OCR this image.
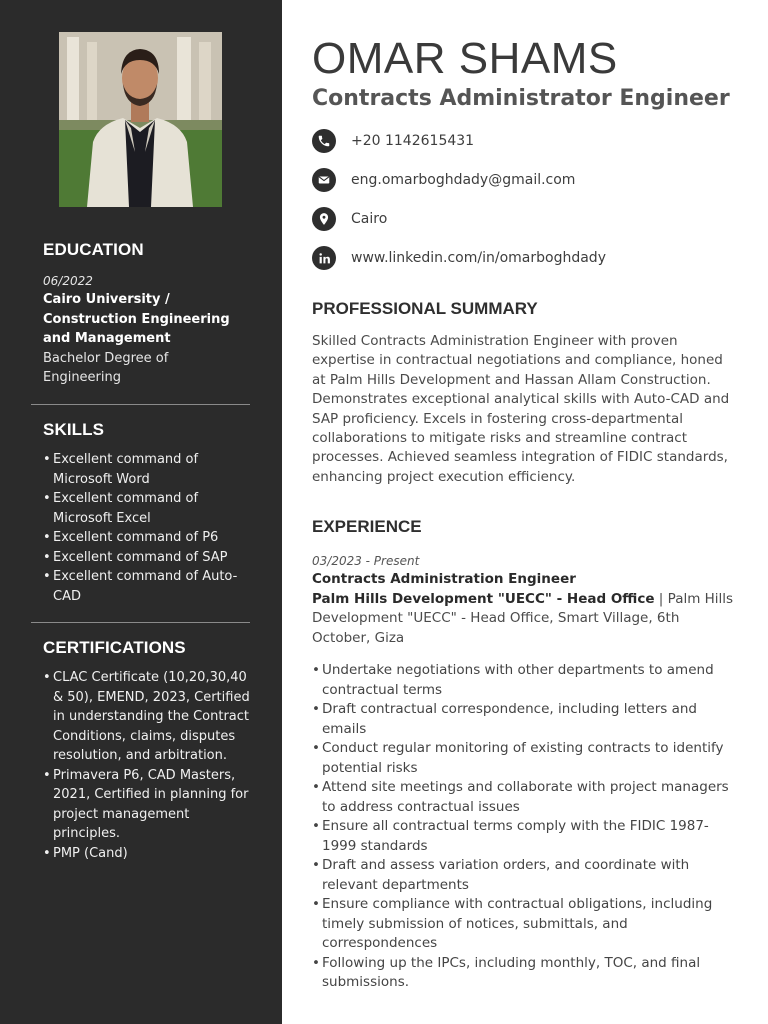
EDUCATION
06/2022
Cairo University / Construction Engineering and Management
Bachelor Degree of Engineering
SKILLS
• Excellent command of Microsoft Word
• Excellent command of Microsoft Excel
• Excellent command of P6
• Excellent command of SAP
• Excellent command of Auto-CAD
CERTIFICATIONS
• CLAC Certificate (10,20,30,40 & 50), EMEND, 2023, Certified in understanding the Contract Conditions, claims, disputes resolution, and arbitration.
• Primavera P6, CAD Masters, 2021, Certified in planning for project management principles.
• PMP (Cand)
OMAR SHAMS
Contracts Administrator Engineer
+20 1142615431
eng.omarboghdady@gmail.com
Cairo
www.linkedin.com/in/omarboghdady
PROFESSIONAL SUMMARY
Skilled Contracts Administration Engineer with proven expertise in contractual negotiations and compliance, honed at Palm Hills Development and Hassan Allam Construction. Demonstrates exceptional analytical skills with Auto-CAD and SAP proficiency. Excels in fostering cross-departmental collaborations to mitigate risks and streamline contract processes. Achieved seamless integration of FIDIC standards, enhancing project execution efficiency.
EXPERIENCE
03/2023 - Present
Contracts Administration Engineer
Palm Hills Development "UECC" - Head Office | Palm Hills Development "UECC" - Head Office, Smart Village, 6th October, Giza
• Undertake negotiations with other departments to amend contractual terms
• Draft contractual correspondence, including letters and emails
• Conduct regular monitoring of existing contracts to identify potential risks
• Attend site meetings and collaborate with project managers to address contractual issues
• Ensure all contractual terms comply with the FIDIC 1987-1999 standards
• Draft and assess variation orders, and coordinate with relevant departments
• Ensure compliance with contractual obligations, including timely submission of notices, submittals, and correspondences
• Following up the IPCs, including monthly, TOC, and final submissions.
